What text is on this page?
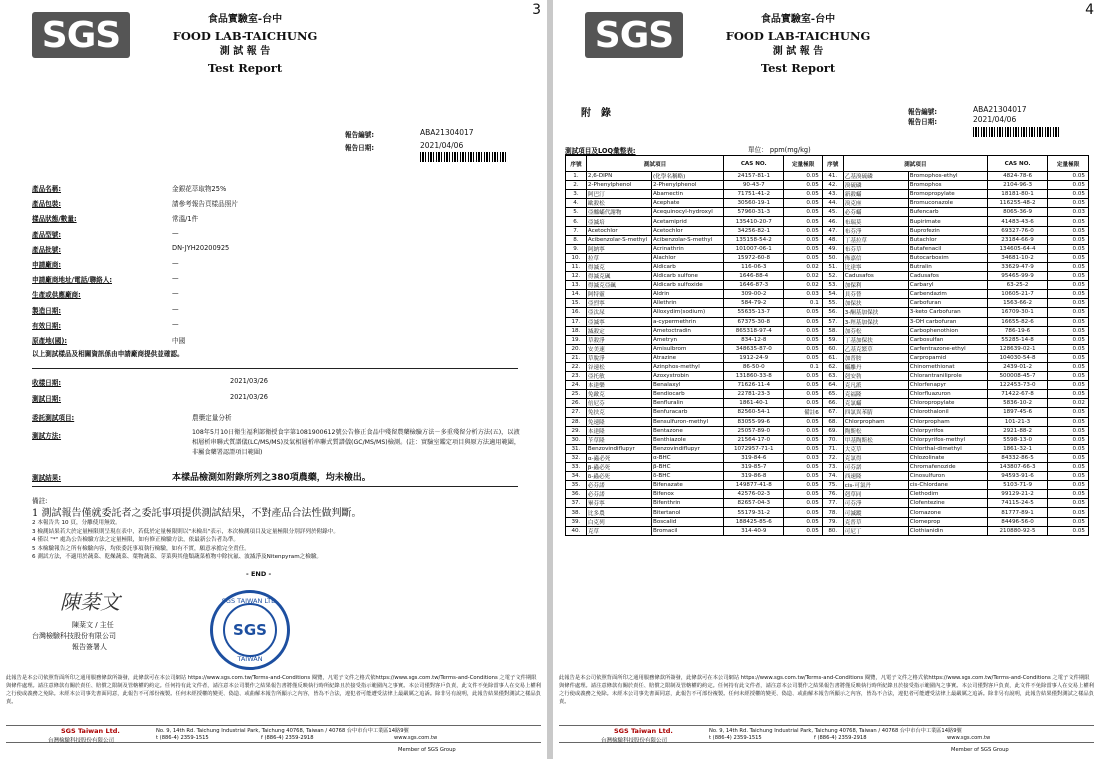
3
SGS	食品實驗室-台中
FOOD LAB-TAICHUNG
測 試 報 告
Test Report
報告編號:	ABA21304017
報告日期:	2021/04/06
產品名稱:	金銀花萃取物25%
產品包裝:	請參考報告頁樣品照片
樣品狀態/數量:	常溫/1件
產品型號:	—
產品批號:	DN-JYH20200925
申請廠商:	—
申請廠商地址/電話/聯絡人:	—
生產或供應廠商:	—
製造日期:	—
有效日期:	—
原產地(國):	中國
以上測試樣品及相關資訊係由申請廠商提供並確認。
收樣日期:	2021/03/26
測試日期:	2021/03/26
委託測試項目:	農藥定量分析
測試方法:	108年5月10日衛生福利部衛授食字第1081900612號公告修正食品中殘留農藥檢驗方法－多重殘留分析方法(五)，以液相層析串聯式質譜儀(LC/MS/MS)及氣相層析串聯式質譜儀(GC/MS/MS)檢測。(註：實驗室鑑定項目與原方法適用範圍，非屬食藥署認證項目範圍)
測試結果:	本樣品檢測如附錄所列之380項農藥，均未檢出。
備註:
1 測試報告僅就委託者之委託事項提供測試結果，不對產品合法性做判斷。
2 本報告共 10 頁，分離使用無效。
3 檢測結果若大於定量極限則呈現在表中，若低於定量極限則以"未檢出"表示，本次檢測項目及定量極限分別詳列於附錄中。
4 僅以 "*" 處為公告檢驗方法之定量極限，如有修正檢驗方法，依最新公告者為準。
5 本檢驗報告之所有檢驗內容，均依委託事項執行檢驗，如有不實，願意承擔完全責任。
6 測試方法，不適用於蔬菜、乾燥蔬菜、葉物蔬菜、芽菜與其他類蔬菜植物中除抗氟、波滅淨及Nitenpyram之檢驗。
- END -
陳棻文
陳棻文 / 主任
台灣檢驗科技股份有限公司
報告簽署人
SGS TAIWAN LTD.
SGS
TAIWAN
此報告是本公司依照背面所印之通用服務條款所簽發，此條款可在本公司網站 https://www.sgs.com.tw/Terms-and-Conditions 閱覽，凡電子文件之格式依https://www.sgs.com.tw/Terms-and-Conditions 之電子文件期限與條件處理。請注意條款有關於責任、賠償之限制及管轄權的約定。任何持有此文件者，請注意本公司製作之結果報告書將僅反映執行時所紀錄且於接受指示範圍內之事實。本公司僅對客戶負責，此文件不免除當事人在交易上權利之行使或義務之免除。未經本公司事先書面同意，此報告不可部份複製。任何未經授權的變更、偽造、或曲解本報告所顯示之內容，皆為不合法，違犯者可能遭受法律上最嚴厲之追訴。除非另有說明，此報告結果僅對測試之樣品負責。
SGS Taiwan Ltd.
台灣檢驗科技股份有限公司
No. 9, 14th Rd. Taichung Industrial Park, Taichung 40768, Taiwan / 40768 台中市台中工業區14路9號
t (886-4) 2359-1515	f (886-4) 2359-2918	www.sgs.com.tw
Member of SGS Group
4
SGS	食品實驗室-台中
FOOD LAB-TAICHUNG
測 試 報 告
Test Report
附　錄	報告編號:	ABA21304017
報告日期:	2021/04/06
測試項目及LOQ彙整表:	單位： ppm(mg/kg)
序號	測試項目		CAS NO.	定量極限	序號	測試項目		CAS NO.	定量極限
1.	2,6-DIPN	(化學名稱略)	24157-81-1	0.05	41.	乙基溴硫磷	Bromophos-ethyl	4824-78-6	0.05
2.	2-Phenylphenol	2-Phenylphenol	90-43-7	0.05	42.	溴硫磷	Bromophos	2104-96-3	0.05
3.	阿巴汀	Abamectin	71751-41-2	0.05	43.	新殺蟎	Bromopropylate	18181-80-1	0.05
4.	歐殺松	Acephate	30560-19-1	0.05	44.	溴克座	Bromuconazole	116255-48-2	0.05
5.	亞醯蟎代謝物	Acequinocyl-hydroxyl	57960-31-3	0.05	45.	必芬蟎	Bufencarb	8065-36-9	0.03
6.	亞滅培	Acetamiprid	135410-20-7	0.05	46.	布瑞莫	Bupirimate	41483-43-6	0.05
7.	Acetochlor	Acetochlor	34256-82-1	0.05	47.	布芬淨	Buprofezin	69327-76-0	0.05
8.	Acibenzolar-S-methyl	Acibenzolar-S-methyl	135158-54-2	0.05	48.	丁基拉草	Butachlor	23184-66-9	0.05
9.	阿納寧	Acrinathrin	101007-06-1	0.05	49.	布芬草	Butafenacil	134605-64-4	0.05
10.	拉草	Alachlor	15972-60-8	0.05	50.	佈嘉信	Butocarboxim	34681-10-2	0.05
11.	得滅克	Aldicarb	116-06-3	0.02	51.	比達寧	Butralin	33629-47-9	0.05
12.	得滅克碸	Aldicarb sulfone	1646-88-4	0.02	52.	Cadusafos	Cadusafos	95465-99-9	0.05
13.	得滅克亞碸	Aldicarb sulfoxide	1646-87-3	0.02	53.	加保利	Carbaryl	63-25-2	0.05
14.	阿特靈	Aldrin	309-00-2	0.03	54.	貝芬替	Carbendazim	10605-21-7	0.05
15.	亞烈寧	Allethrin	584-79-2	0.1	55.	加保扶	Carbofuran	1563-66-2	0.05
16.	亞汰尿	Alloxydim(sodium)	55635-13-7	0.05	56.	3-酮基加保扶	3-keto Carbofuran	16709-30-1	0.05
17.	亞滅寧	a-cypermethrin	67375-30-8	0.05	57.	3-羥基加保扶	3-OH carbofuran	16655-82-6	0.05
18.	滅殺定	Ametoctradin	865318-97-4	0.05	58.	加芬松	Carbophenothion	786-19-6	0.05
19.	草殺淨	Ametryn	834-12-8	0.05	59.	丁基加保扶	Carbosulfan	55285-14-8	0.05
20.	安美速	Amisulbrom	348635-87-0	0.05	60.	乙基克繁草	Carfentrazone-ethyl	128639-02-1	0.05
21.	草脫淨	Atrazine	1912-24-9	0.05	61.	加普胺	Carpropamid	104030-54-8	0.05
22.	谷速松	Azinphos-methyl	86-50-0	0.1	62.	蟎離丹	Chinomethionat	2439-01-2	0.05
23.	亞托敏	Azoxystrobin	131860-33-8	0.05	63.	剋安勃	Chlorantraniliprole	500008-45-7	0.05
24.	本達樂	Benalaxyl	71626-11-4	0.05	64.	克凡派	Chlorfenapyr	122453-73-0	0.05
25.	免敵克	Bendiocarb	22781-23-3	0.05	65.	克福隆	Chlorfluazuron	71422-67-8	0.05
26.	倍尼芬	Benfluralin	1861-40-1	0.05	66.	克氯蟎	Chloropropylate	5836-10-2	0.02
27.	免扶克	Benfuracarb	82560-54-1	備註6	67.	四氯異苯腈	Chlorothalonil	1897-45-6	0.05
28.	免速隆	Bensulfuron-methyl	83055-99-6	0.05	68.	Chlorpropham	Chlorpropham	101-21-3	0.05
29.	本達隆	Bentazone	25057-89-0	0.05	69.	陶斯松	Chlorpyrifos	2921-88-2	0.05
30.	苄草隆	Benthiazole	21564-17-0	0.05	70.	甲基陶斯松	Chlorpyrifos-methyl	5598-13-0	0.05
31.	Benzovindiflupyr	Benzovindiflupyr	1072957-71-1	0.05	71.	大克草	Chlorthal-dimethyl	1861-32-1	0.05
32.	α-蟲必死	α-BHC	319-84-6	0.03	72.	克氯得	Chlozolinate	84332-86-5	0.05
33.	β-蟲必死	β-BHC	319-85-7	0.05	73.	可芬諾	Chromafenozide	143807-66-3	0.05
34.	δ-蟲必死	δ-BHC	319-86-8	0.05	74.	西速隆	Cinosulfuron	94593-91-6	0.05
35.	必芬諾	Bifenazate	149877-41-8	0.05	75.	cis-可氯丹	cis-Chlordane	5103-71-9	0.05
36.	必芬諾	Bifenox	42576-02-3	0.05	76.	剋草同	Clethodim	99129-21-2	0.05
37.	畢芬寧	Bifenthrin	82657-04-3	0.05	77.	可芬淨	Clofentezine	74115-24-5	0.05
38.	比多農	Bitertanol	55179-31-2	0.05	78.	可滅蹤	Clomazone	81777-89-1	0.05
39.	白克列	Boscalid	188425-85-6	0.05	79.	克普草	Clomeprop	84496-56-0	0.05
40.	克草	Bromacil	314-40-9	0.05	80.	可尼丁	Clothianidin	210880-92-5	0.05
此報告是本公司依照背面所印之通用服務條款所簽發，此條款可在本公司網站 https://www.sgs.com.tw/Terms-and-Conditions 閱覽，凡電子文件之格式依https://www.sgs.com.tw/Terms-and-Conditions 之電子文件期限與條件處理。請注意條款有關於責任、賠償之限制及管轄權的約定。任何持有此文件者，請注意本公司製作之結果報告書將僅反映執行時所紀錄且於接受指示範圍內之事實。本公司僅對客戶負責，此文件不免除當事人在交易上權利之行使或義務之免除。未經本公司事先書面同意，此報告不可部份複製。任何未經授權的變更、偽造、或曲解本報告所顯示之內容，皆為不合法，違犯者可能遭受法律上最嚴厲之追訴。除非另有說明，此報告結果僅對測試之樣品負責。
SGS Taiwan Ltd.
台灣檢驗科技股份有限公司
No. 9, 14th Rd. Taichung Industrial Park, Taichung 40768, Taiwan / 40768 台中市台中工業區14路9號
t (886-4) 2359-1515	f (886-4) 2359-2918	www.sgs.com.tw
Member of SGS Group
